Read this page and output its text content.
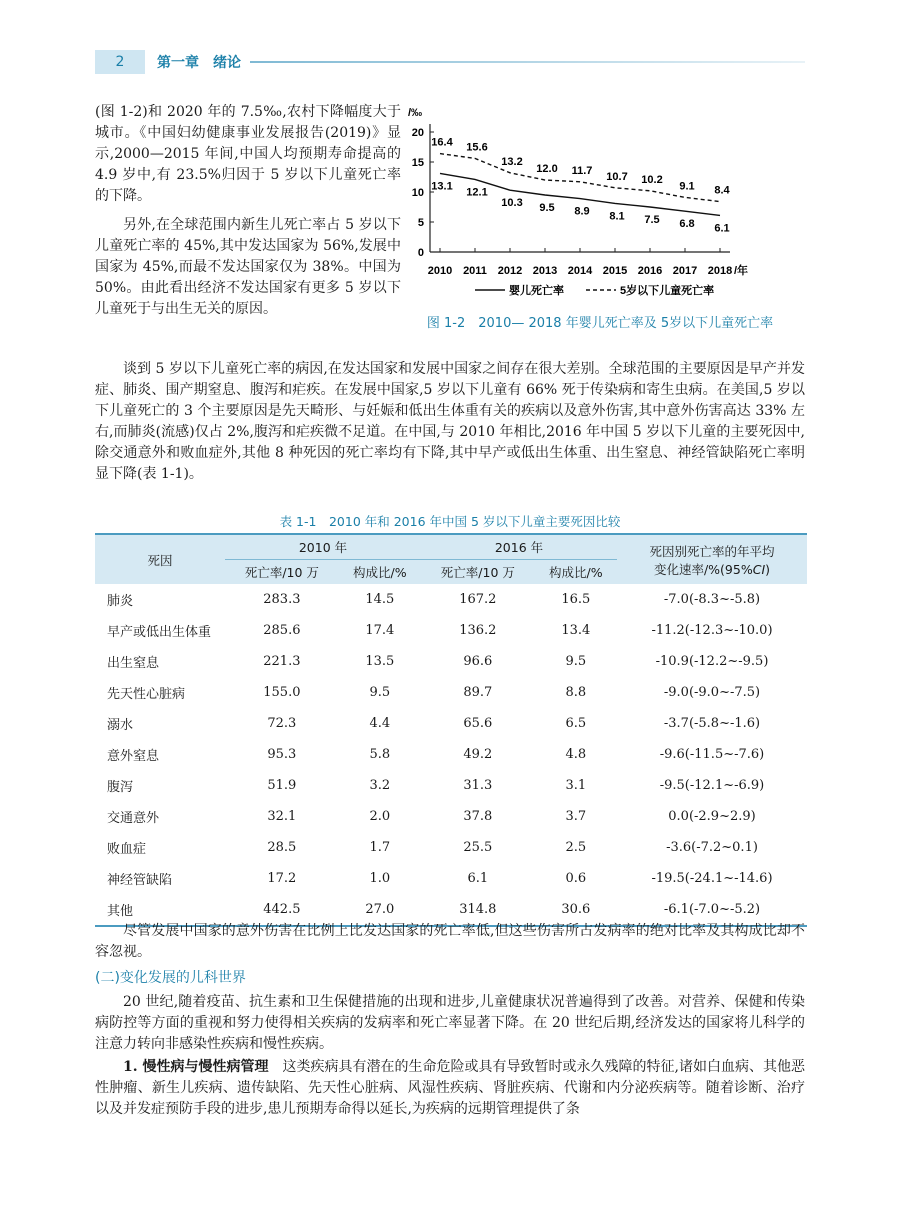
2	第一章　绪论

(图 1-2)和 2020 年的 7.5‰,农村下降幅度大于城市。《中国妇幼健康事业发展报告(2019)》显示,2000—2015 年间,中国人均预期寿命提高的 4.9 岁中,有 23.5%归因于 5 岁以下儿童死亡率的下降。

另外,在全球范围内新生儿死亡率占 5 岁以下儿童死亡率的 45%,其中发达国家为 56%,发展中国家为 45%,而最不发达国家仅为 38%。中国为 50%。由此看出经济不发达国家有更多 5 岁以下儿童死于与出生无关的原因。

/‰
0
5
10
15
20
2010 2011 2012 2013 2014 2015 2016 2017 2018 /年
13.1 12.1
10.3 9.5 8.9 8.1 7.5 6.8 6.1
16.4 15.6
13.2
12.0 11.7 10.7 10.2
9.1 8.4
婴儿死亡率	5岁以下儿童死亡率
图 1-2　2010— 2018 年婴儿死亡率及 5岁以下儿童死亡率

谈到 5 岁以下儿童死亡率的病因,在发达国家和发展中国家之间存在很大差别。全球范围的主要原因是早产并发症、肺炎、围产期窒息、腹泻和疟疾。在发展中国家,5 岁以下儿童有 66% 死于传染病和寄生虫病。在美国,5 岁以下儿童死亡的 3 个主要原因是先天畸形、与妊娠和低出生体重有关的疾病以及意外伤害,其中意外伤害高达 33% 左右,而肺炎(流感)仅占 2%,腹泻和疟疾微不足道。在中国,与 2010 年相比,2016 年中国 5 岁以下儿童的主要死因中,除交通意外和败血症外,其他 8 种死因的死亡率均有下降,其中早产或低出生体重、出生窒息、神经管缺陷死亡率明显下降(表 1-1)。

表 1-1　2010 年和 2016 年中国 5 岁以下儿童主要死因比较
死因	2010 年		2016 年		死因别死亡率的年平均
变化速率/%(95%CI)
	死亡率/10 万	构成比/%	死亡率/10 万	构成比/%	
肺炎	283.3	14.5	167.2	16.5	-7.0(-8.3~-5.8)
早产或低出生体重	285.6	17.4	136.2	13.4	-11.2(-12.3~-10.0)
出生窒息	221.3	13.5	96.6	9.5	-10.9(-12.2~-9.5)
先天性心脏病	155.0	9.5	89.7	8.8	-9.0(-9.0~-7.5)
溺水	72.3	4.4	65.6	6.5	-3.7(-5.8~-1.6)
意外窒息	95.3	5.8	49.2	4.8	-9.6(-11.5~-7.6)
腹泻	51.9	3.2	31.3	3.1	-9.5(-12.1~-6.9)
交通意外	32.1	2.0	37.8	3.7	0.0(-2.9~2.9)
败血症	28.5	1.7	25.5	2.5	-3.6(-7.2~0.1)
神经管缺陷	17.2	1.0	6.1	0.6	-19.5(-24.1~-14.6)
其他	442.5	27.0	314.8	30.6	-6.1(-7.0~-5.2)

尽管发展中国家的意外伤害在比例上比发达国家的死亡率低,但这些伤害所占发病率的绝对比率及其构成比却不容忽视。

(二)变化发展的儿科世界

20 世纪,随着疫苗、抗生素和卫生保健措施的出现和进步,儿童健康状况普遍得到了改善。对营养、保健和传染病防控等方面的重视和努力使得相关疾病的发病率和死亡率显著下降。在 20 世纪后期,经济发达的国家将儿科学的注意力转向非感染性疾病和慢性疾病。

1. 慢性病与慢性病管理　 这类疾病具有潜在的生命危险或具有导致暂时或永久残障的特征,诸如白血病、其他恶性肿瘤、新生儿疾病、遗传缺陷、先天性心脏病、风湿性疾病、肾脏疾病、代谢和内分泌疾病等。随着诊断、治疗以及并发症预防手段的进步,患儿预期寿命得以延长,为疾病的远期管理提供了条
